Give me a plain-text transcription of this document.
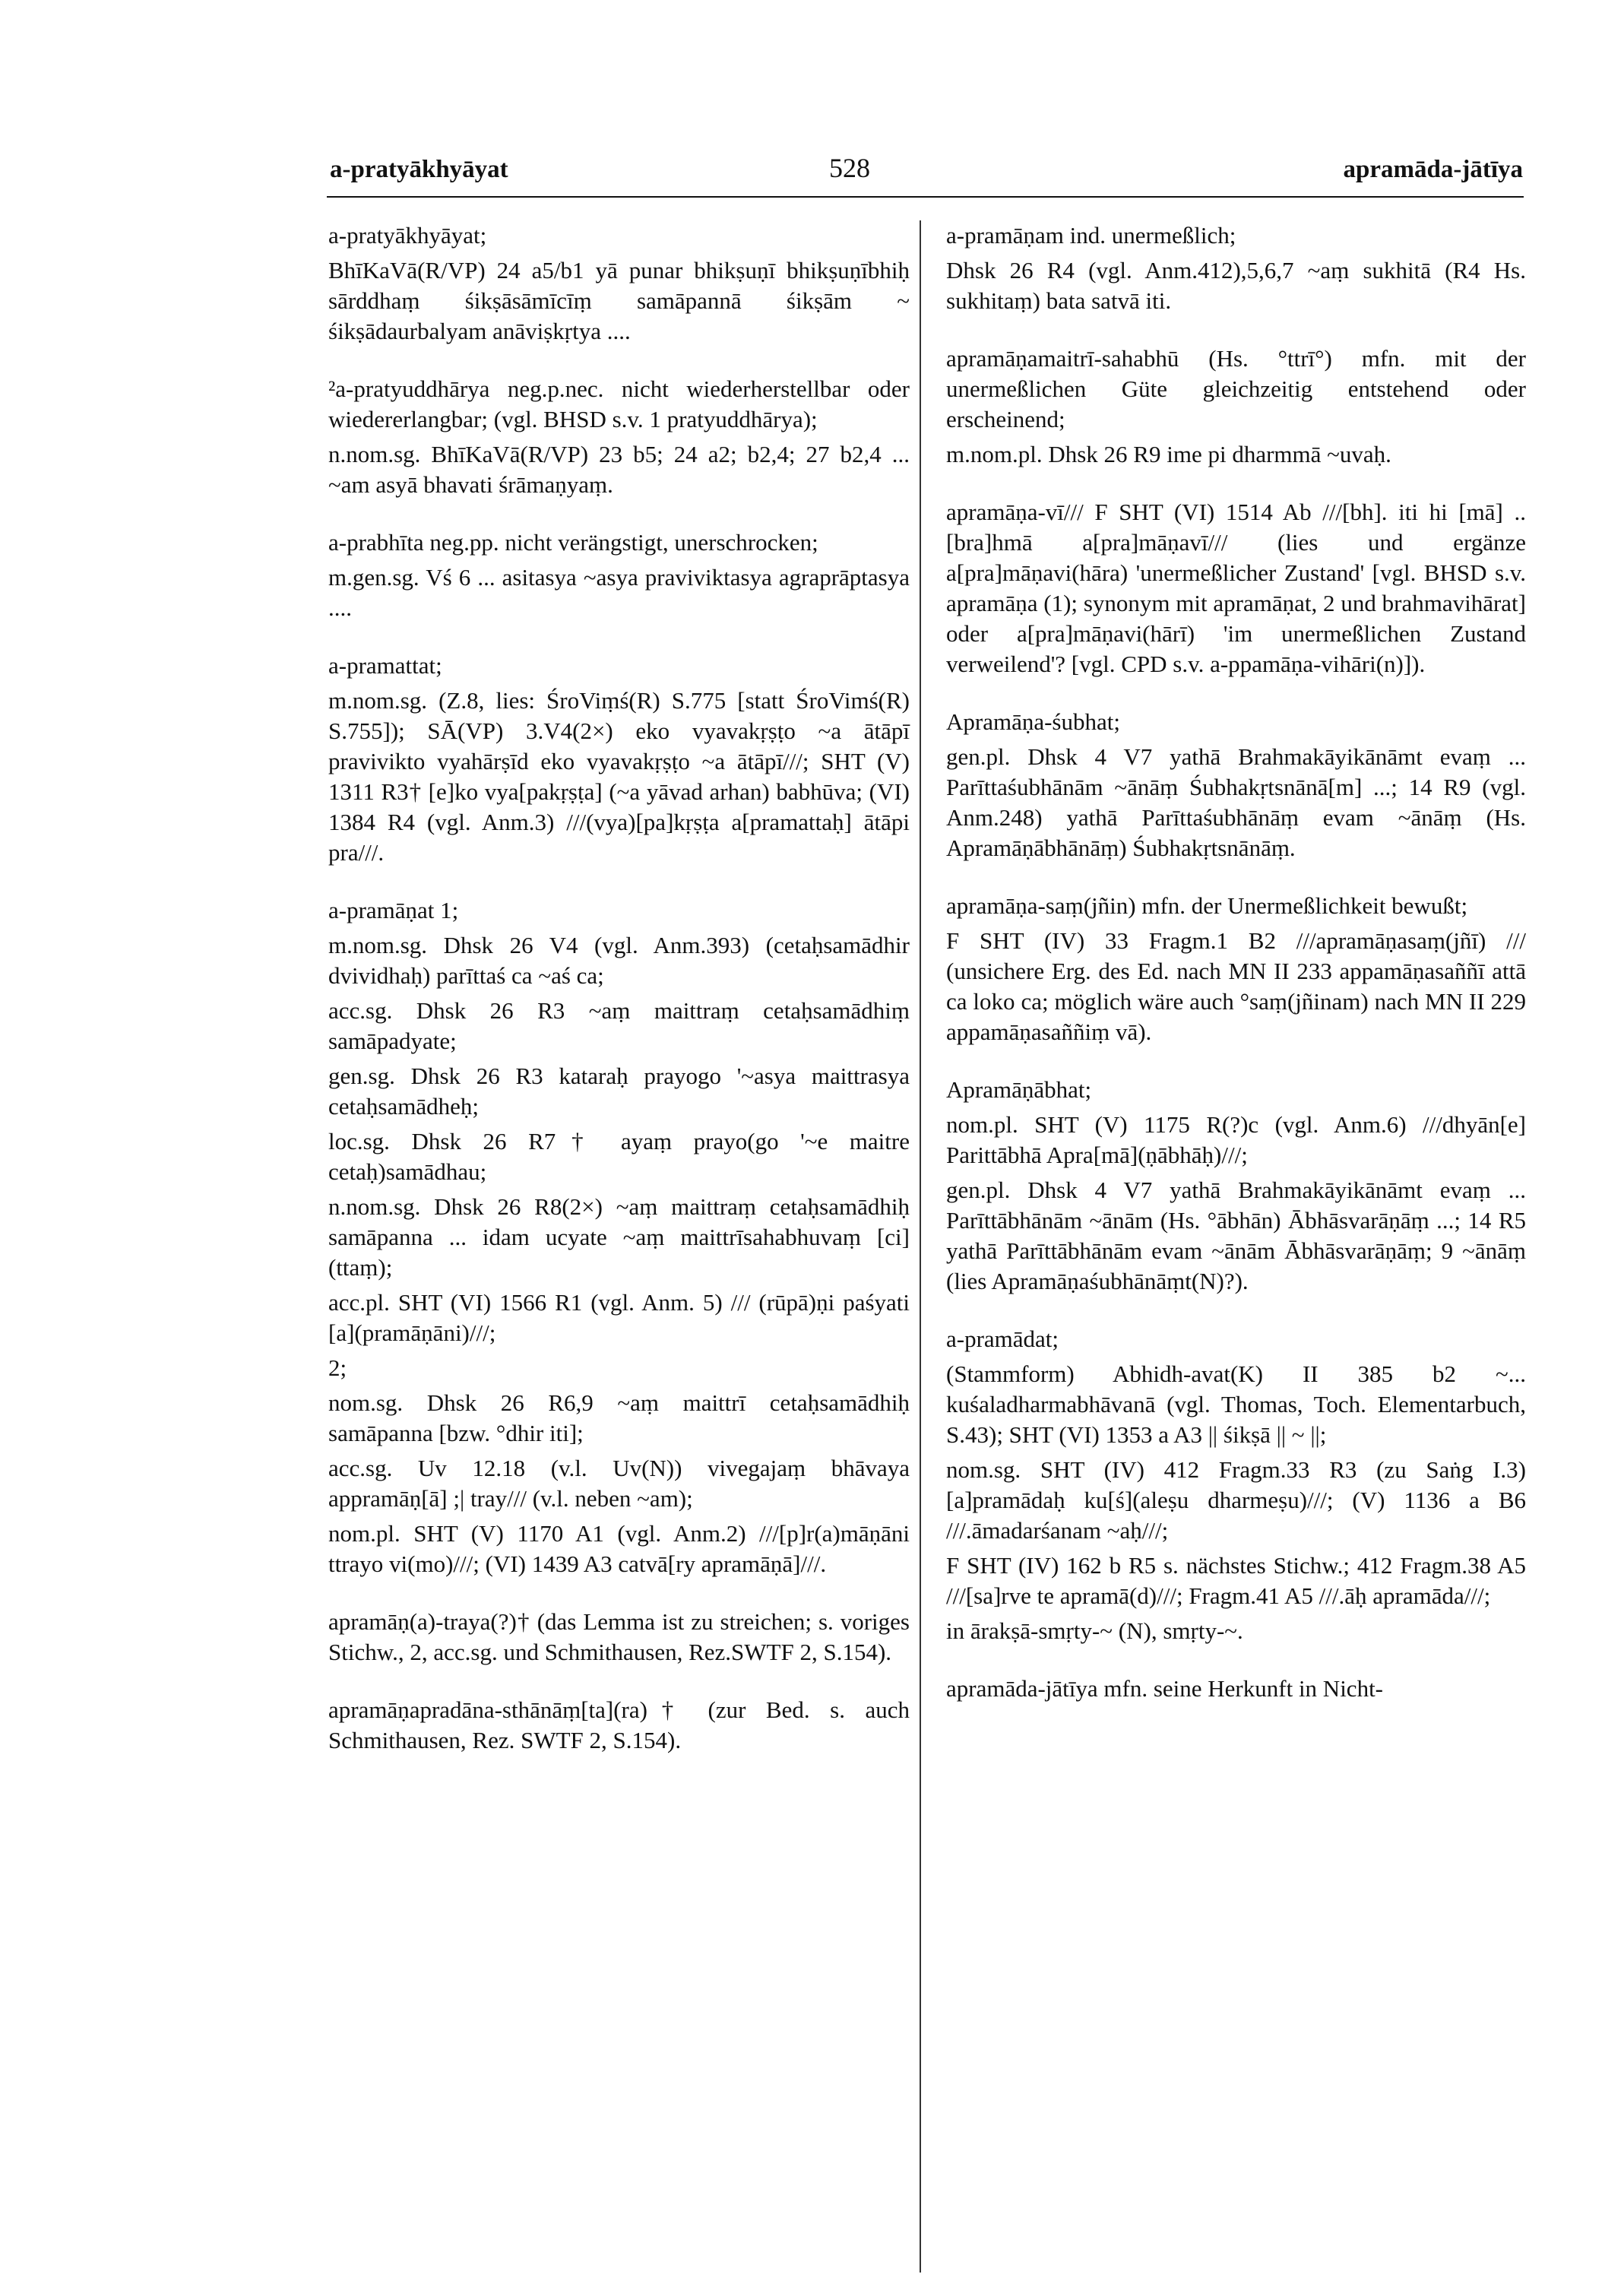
a-pratyākhyāyat	528	apramāda-jātīya

a-pratyākhyāyat;

BhīKaVā(R/VP) 24 a5/b1 yā punar bhikṣuṇī bhikṣuṇībhiḥ sārddhaṃ śikṣāsāmīcīṃ samāpannā śikṣām ~ śikṣādaurbalyam anāviṣkṛtya ....

²a-pratyuddhārya neg.p.nec. nicht wiederherstellbar oder wiedererlangbar; (vgl. BHSD s.v. 1 pratyuddhārya);

n.nom.sg. BhīKaVā(R/VP) 23 b5; 24 a2; b2,4; 27 b2,4 ... ~am asyā bhavati śrāmaṇyaṃ.

a-prabhīta neg.pp. nicht verängstigt, unerschrocken;

m.gen.sg. Vś 6 ... asitasya ~asya praviviktasya agraprāptasya ....

a-pramattat;

m.nom.sg. (Z.8, lies: ŚroViṃś(R) S.775 [statt ŚroVimś(R) S.755]); SĀ(VP) 3.V4(2×) eko vyavakṛṣṭo ~a ātāpī pravivikto vyahārṣīd eko vyavakṛṣṭo ~a ātāpī///; SHT (V) 1311 R3† [e]ko vya[pakṛṣṭa] (~a yāvad arhan) babhūva; (VI) 1384 R4 (vgl. Anm.3) ///(vya)[pa]kṛṣṭa a[pramattaḥ] ātāpi pra///.

a-pramāṇat 1;

m.nom.sg. Dhsk 26 V4 (vgl. Anm.393) (cetaḥsamādhir dvividhaḥ) parīttaś ca ~aś ca;

acc.sg. Dhsk 26 R3 ~aṃ maittraṃ cetaḥsamādhiṃ samāpadyate;

gen.sg. Dhsk 26 R3 kataraḥ prayogo '~asya maittrasya cetaḥsamādheḥ;

loc.sg. Dhsk 26 R7† ayaṃ prayo(go '~e maitre cetaḥ)samādhau;

n.nom.sg. Dhsk 26 R8(2×) ~aṃ maittraṃ cetaḥsamādhiḥ samāpanna ... idam ucyate ~aṃ maittrīsahabhuvaṃ [ci](ttaṃ);

acc.pl. SHT (VI) 1566 R1 (vgl. Anm. 5) /// (rūpā)ṇi paśyati [a](pramāṇāni)///;

2;

nom.sg. Dhsk 26 R6,9 ~aṃ maittrī cetaḥsamādhiḥ samāpanna [bzw. °dhir iti];

acc.sg. Uv 12.18 (v.l. Uv(N)) vivegajaṃ bhāvaya appramāṇ[ā] ;| tray/// (v.l. neben ~am);

nom.pl. SHT (V) 1170 A1 (vgl. Anm.2) ///[p]r(a)māṇāni ttrayo vi(mo)///; (VI) 1439 A3 catvā[ry apramāṇā]///.

apramāṇ(a)-traya(?)† (das Lemma ist zu streichen; s. voriges Stichw., 2, acc.sg. und Schmithausen, Rez.SWTF 2, S.154).

apramāṇapradāna-sthānāṃ[ta](ra)† (zur Bed. s. auch Schmithausen, Rez. SWTF 2, S.154).

a-pramāṇam ind. unermeßlich;

Dhsk 26 R4 (vgl. Anm.412),5,6,7 ~aṃ sukhitā (R4 Hs. sukhitaṃ) bata satvā iti.

apramāṇamaitrī-sahabhū (Hs. °ttrī°) mfn. mit der unermeßlichen Güte gleichzeitig entstehend oder erscheinend;

m.nom.pl. Dhsk 26 R9 ime pi dharmmā ~uvaḥ.

apramāṇa-vī/// F SHT (VI) 1514 Ab ///[bh]. iti hi [mā] .. [bra]hmā a[pra]māṇavī/// (lies und ergänze a[pra]māṇavi(hāra) 'unermeßlicher Zustand' [vgl. BHSD s.v. apramāṇa (1); synonym mit apramāṇat, 2 und brahmavihārat] oder a[pra]māṇavi(hārī) 'im unermeßlichen Zustand verweilend'? [vgl. CPD s.v. a-ppamāṇa-vihāri(n)]).

Apramāṇa-śubhat;

gen.pl. Dhsk 4 V7 yathā Brahmakāyikānāmt evaṃ ... Parīttaśubhānām ~ānāṃ Śubhakṛtsnānā[m] ...; 14 R9 (vgl. Anm.248) yathā Parīttaśubhānāṃ evam ~ānāṃ (Hs. Apramāṇābhānāṃ) Śubhakṛtsnānāṃ.

apramāṇa-saṃ(jñin) mfn. der Unermeßlichkeit bewußt;

F SHT (IV) 33 Fragm.1 B2 ///apramāṇasaṃ(jñī) /// (unsichere Erg. des Ed. nach MN II 233 appamāṇasaññī attā ca loko ca; möglich wäre auch °saṃ(jñinam) nach MN II 229 appamāṇasaññiṃ vā).

Apramāṇābhat;

nom.pl. SHT (V) 1175 R(?)c (vgl. Anm.6) ///dhyān[e] Parittābhā Apra[mā](ṇābhāḥ)///;

gen.pl. Dhsk 4 V7 yathā Brahmakāyikānāmt evaṃ ... Parīttābhānām ~ānām (Hs. °ābhān) Ābhāsvarāṇāṃ ...; 14 R5 yathā Parīttābhānām evam ~ānām Ābhāsvarāṇāṃ; 9 ~ānāṃ (lies Apramāṇaśubhānāṃt(N)?).

a-pramādat;

(Stammform) Abhidh-avat(K) II 385 b2 ~... kuśaladharmabhāvanā (vgl. Thomas, Toch. Elementarbuch, S.43); SHT (VI) 1353 a A3 || śikṣā || ~ ||;

nom.sg. SHT (IV) 412 Fragm.33 R3 (zu Saṅg I.3) [a]pramādaḥ ku[ś](aleṣu dharmeṣu)///; (V) 1136 a B6 ///.āmadarśanam ~aḥ///;

F SHT (IV) 162 b R5 s. nächstes Stichw.; 412 Fragm.38 A5 ///[sa]rve te apramā(d)///; Fragm.41 A5 ///.āḥ apramāda///;

in ārakṣā-smṛty-~ (N), smṛty-~.

apramāda-jātīya mfn. seine Herkunft in Nicht-
